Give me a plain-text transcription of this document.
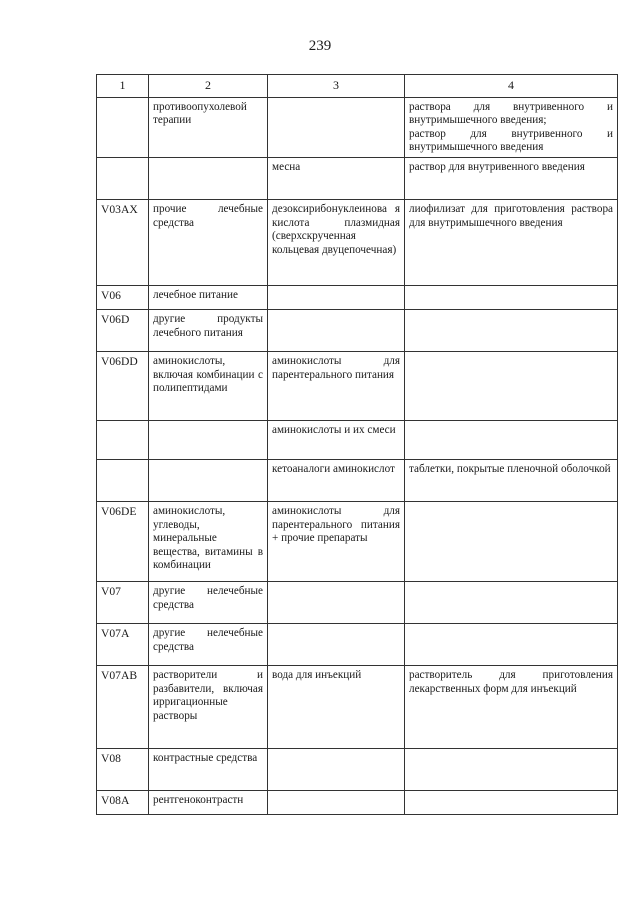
239
1	2	3	4
	противоопухолевой терапии		раствора для внутривенного и внутримышечного введения;
раствор для внутривенного и внутримышечного введения
		месна	раствор для внутривенного введения
V03AX	прочие лечебные средства	дезоксирибонуклеинова я кислота плазмидная (сверхскрученная кольцевая двуцепочечная)	лиофилизат для приготовления раствора для внутримышечного введения
V06	лечебное питание		
V06D	другие продукты лечебного питания		
V06DD	аминокислоты, включая комбинации с полипептидами	аминокислоты для парентерального питания	
		аминокислоты и их смеси	
		кетоаналоги аминокислот	таблетки, покрытые пленочной оболочкой
V06DE	аминокислоты, углеводы, минеральные вещества, витамины в комбинации	аминокислоты для парентерального питания + прочие препараты	
V07	другие нелечебные средства		
V07A	другие нелечебные средства		
V07AB	растворители и разбавители, включая ирригационные растворы	вода для инъекций	растворитель для приготовления лекарственных форм для инъекций
V08	контрастные средства		
V08A	рентгеноконтрастн		
